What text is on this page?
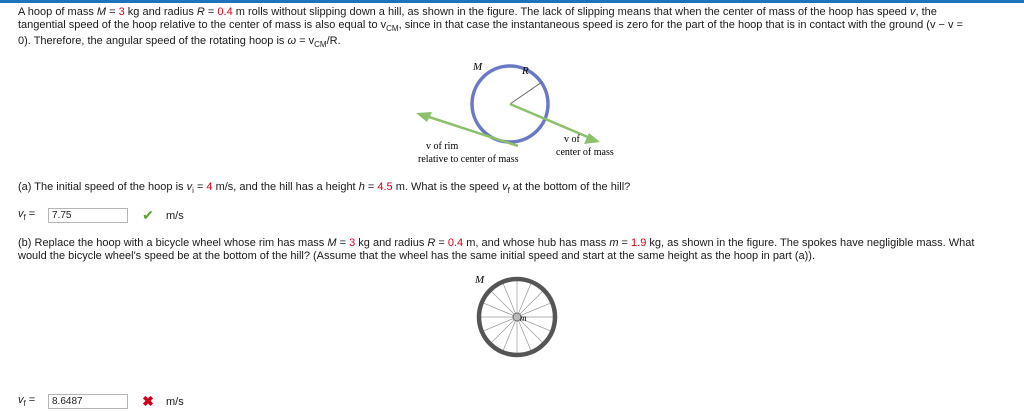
A hoop of mass M = 3 kg and radius R = 0.4 m rolls without slipping down a hill, as shown in the figure. The lack of slipping means that when the center of mass of the hoop has speed v, the
tangential speed of the hoop relative to the center of mass is also equal to $v_{CM}$, since in that case the instantaneous speed is zero for the part of the hoop that is in contact with the ground (v − v =
0). Therefore, the angular speed of the rotating hoop is $\omega = v_{CM}/R$.
M	R
v of rim
relative to center of mass
v of
center of mass
(a) The initial speed of the hoop is $v_i = 4$ m/s, and the hill has a height h = 4.5 m. What is the speed $v_f$ at the bottom of the hill?
$v_f$ =
7.75	✔ m/s
(b) Replace the hoop with a bicycle wheel whose rim has mass M = 3 kg and radius R = 0.4 m, and whose hub has mass m = 1.9 kg, as shown in the figure. The spokes have negligible mass. What
would the bicycle wheel's speed be at the bottom of the hill? (Assume that the wheel has the same initial speed and start at the same height as the hoop in part (a)).
M
m
$v_f$ =
8.6487	✖ m/s
